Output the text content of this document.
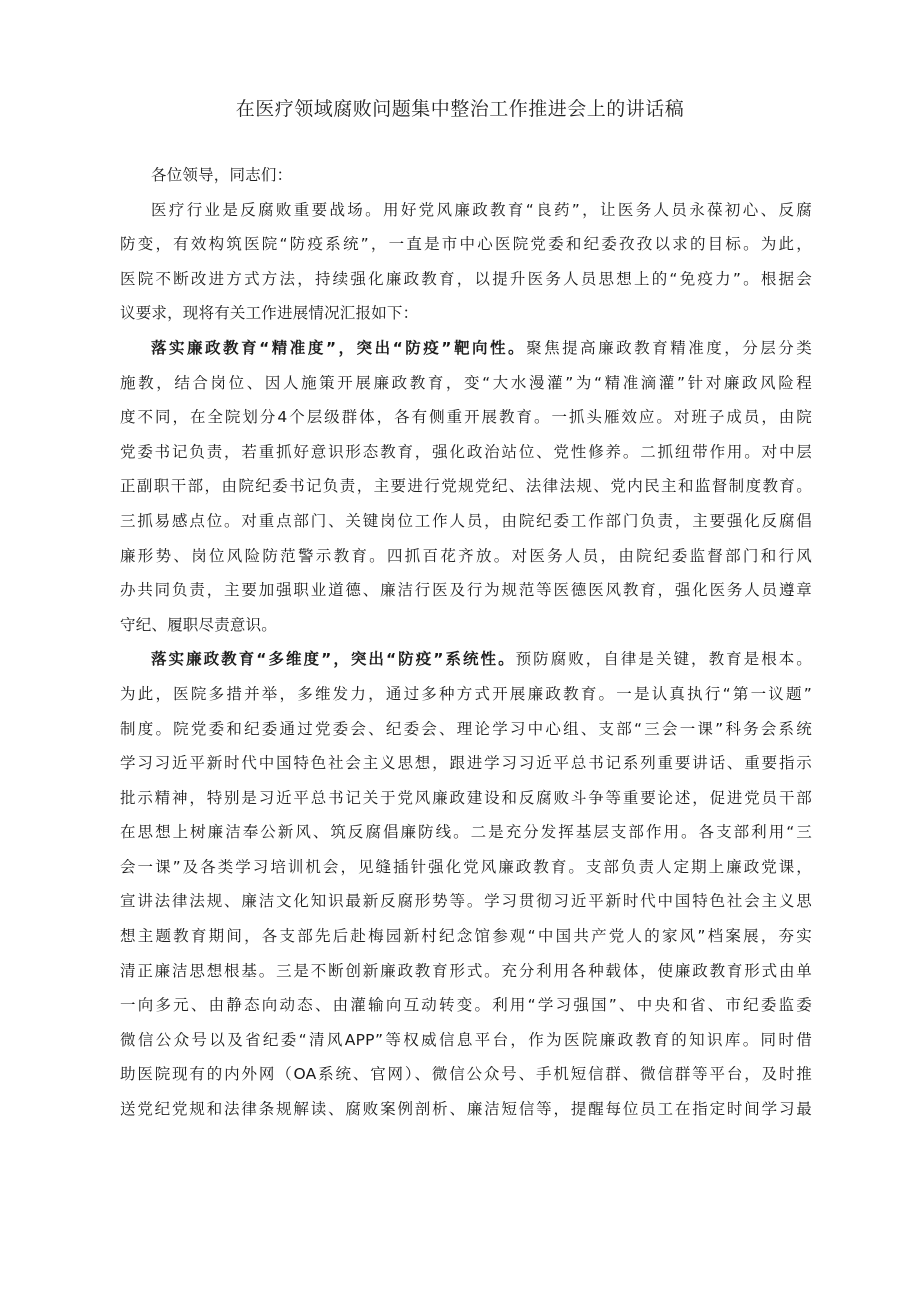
在医疗领域腐败问题集中整治工作推进会上的讲话稿
各位领导，同志们：
医疗行业是反腐败重要战场。用好党风廉政教育“良药”，让医务人员永葆初心、反腐
防变，有效构筑医院“防疫系统”，一直是市中心医院党委和纪委孜孜以求的目标。为此，
医院不断改进方式方法，持续强化廉政教育，以提升医务人员思想上的“免疫力”。根据会
议要求，现将有关工作进展情况汇报如下：
落实廉政教育“精准度”，突出“防疫”靶向性。聚焦提高廉政教育精准度，分层分类
施教，结合岗位、因人施策开展廉政教育，变“大水漫灌”为“精准滴灌”针对廉政风险程
度不同，在全院划分4个层级群体，各有侧重开展教育。一抓头雁效应。对班子成员，由院
党委书记负责，若重抓好意识形态教育，强化政治站位、党性修养。二抓纽带作用。对中层
正副职干部，由院纪委书记负责，主要进行党规党纪、法律法规、党内民主和监督制度教育。
三抓易感点位。对重点部门、关键岗位工作人员，由院纪委工作部门负责，主要强化反腐倡
廉形势、岗位风险防范警示教育。四抓百花齐放。对医务人员，由院纪委监督部门和行风
办共同负责，主要加强职业道德、廉洁行医及行为规范等医德医风教育，强化医务人员遵章
守纪、履职尽责意识。
落实廉政教育“多维度”，突出“防疫”系统性。预防腐败，自律是关键，教育是根本。
为此，医院多措并举，多维发力，通过多种方式开展廉政教育。一是认真执行“第一议题”
制度。院党委和纪委通过党委会、纪委会、理论学习中心组、支部“三会一课”科务会系统
学习习近平新时代中国特色社会主义思想，跟进学习习近平总书记系列重要讲话、重要指示
批示精神，特别是习近平总书记关于党风廉政建设和反腐败斗争等重要论述，促进党员干部
在思想上树廉洁奉公新风、筑反腐倡廉防线。二是充分发挥基层支部作用。各支部利用“三
会一课”及各类学习培训机会，见缝插针强化党风廉政教育。支部负责人定期上廉政党课，
宣讲法律法规、廉洁文化知识最新反腐形势等。学习贯彻习近平新时代中国特色社会主义思
想主题教育期间，各支部先后赴梅园新村纪念馆参观“中国共产党人的家风”档案展，夯实
清正廉洁思想根基。三是不断创新廉政教育形式。充分利用各种载体，使廉政教育形式由单
一向多元、由静态向动态、由灌输向互动转变。利用“学习强国”、中央和省、市纪委监委
微信公众号以及省纪委“清风APP”等权威信息平台，作为医院廉政教育的知识库。同时借
助医院现有的内外网（OA系统、官网）、微信公众号、手机短信群、微信群等平台，及时推
送党纪党规和法律条规解读、腐败案例剖析、廉洁短信等，提醒每位员工在指定时间学习最
